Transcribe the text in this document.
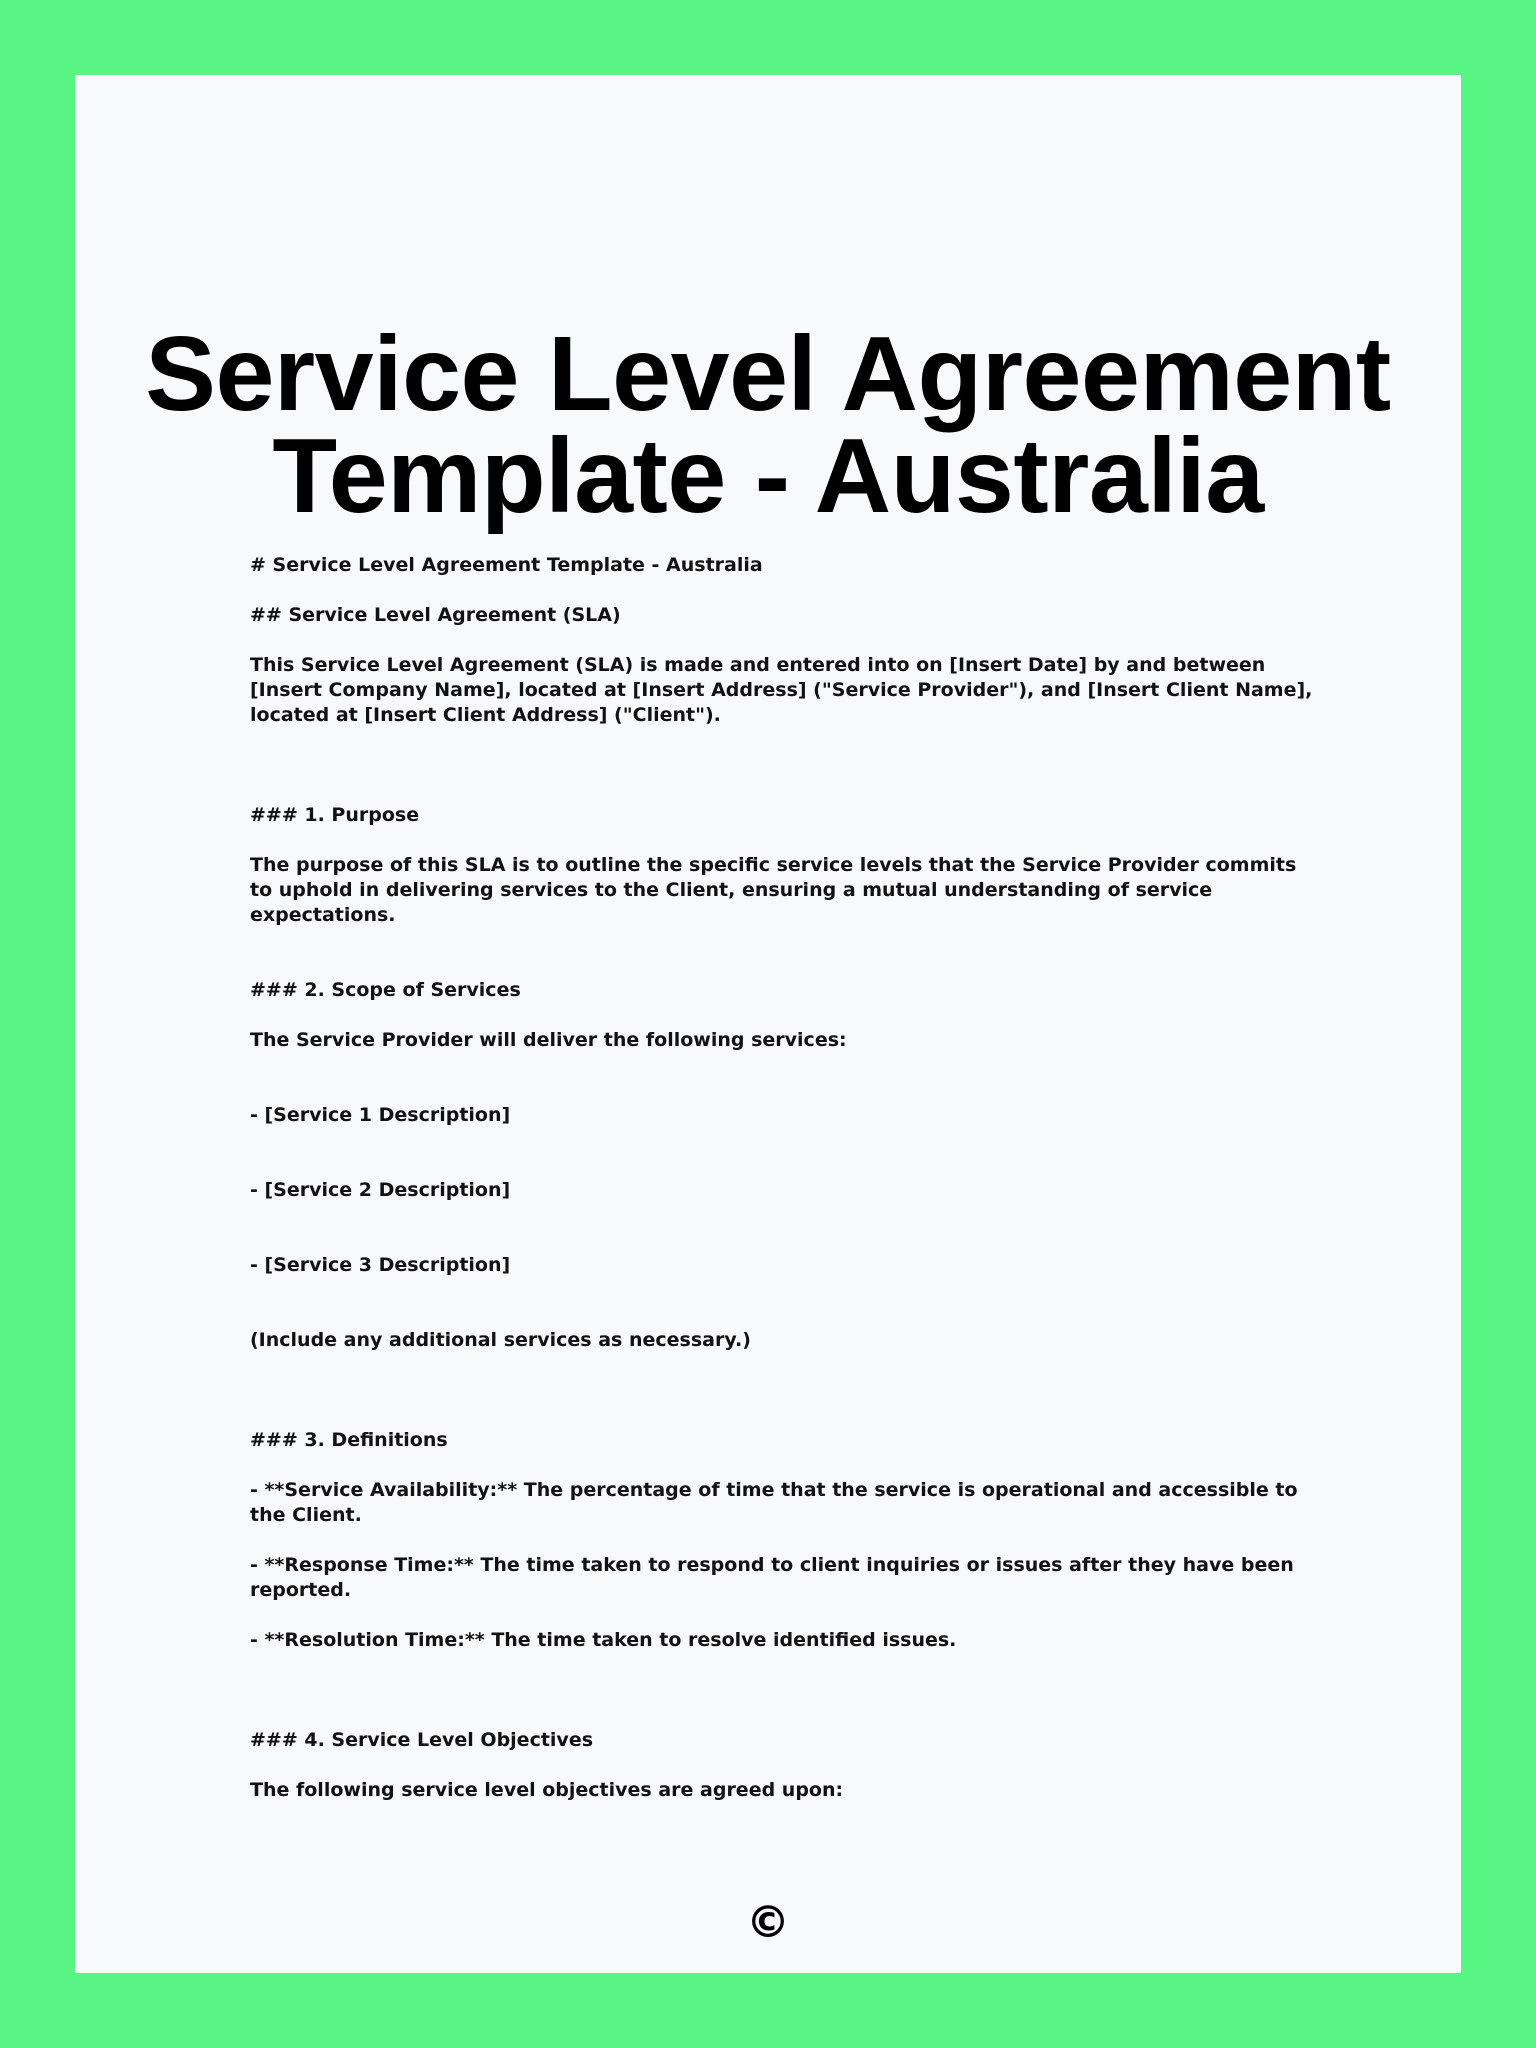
Service Level Agreement
Template - Australia

# Service Level Agreement Template - Australia

## Service Level Agreement (SLA)

This Service Level Agreement (SLA) is made and entered into on [Insert Date] by and between [Insert Company Name], located at [Insert Address] ("Service Provider"), and [Insert Client Name], located at [Insert Client Address] ("Client").

### 1. Purpose

The purpose of this SLA is to outline the specific service levels that the Service Provider commits to uphold in delivering services to the Client, ensuring a mutual understanding of service expectations.

### 2. Scope of Services

The Service Provider will deliver the following services:

- [Service 1 Description]

- [Service 2 Description]

- [Service 3 Description]

(Include any additional services as necessary.)

### 3. Definitions

- **Service Availability:** The percentage of time that the service is operational and accessible to the Client.

- **Response Time:** The time taken to respond to client inquiries or issues after they have been reported.

- **Resolution Time:** The time taken to resolve identified issues.

### 4. Service Level Objectives

The following service level objectives are agreed upon:

©
